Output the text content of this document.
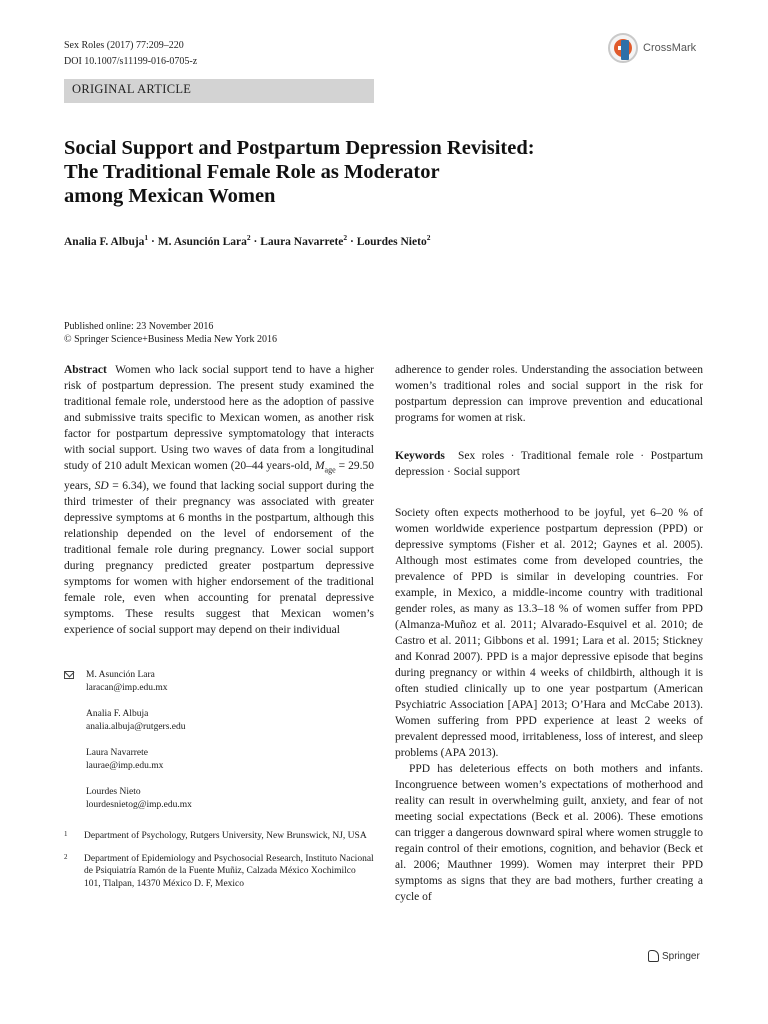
Sex Roles (2017) 77:209–220
DOI 10.1007/s11199-016-0705-z
ORIGINAL ARTICLE
CrossMark
Social Support and Postpartum Depression Revisited:
The Traditional Female Role as Moderator
among Mexican Women
Analia F. Albuja$^1$ · M. Asunción Lara$^2$ · Laura Navarrete$^2$ · Lourdes Nieto$^2$
Published online: 23 November 2016
© Springer Science+Business Media New York 2016

Abstract Women who lack social support tend to have a higher risk of postpartum depression. The present study examined the traditional female role, understood here as the adoption of passive and submissive traits specific to Mexican women, as another risk factor for postpartum depressive symptomatology that interacts with social support. Using two waves of data from a longitudinal study of 210 adult Mexican women (20–44 years-old, $M_{age} = 29.50$ years, SD = 6.34), we found that lacking social support during the third trimester of their pregnancy was associated with greater depressive symptoms at 6 months in the postpartum, although this relationship depended on the level of endorsement of the traditional female role during pregnancy. Lower social support during pregnancy predicted greater postpartum depressive symptoms for women with higher endorsement of the traditional female role, even when accounting for prenatal depressive symptoms. These results suggest that Mexican women’s experience of social support may depend on their individual

M. Asunción Lara
laracan@imp.edu.mx
Analia F. Albuja
analia.albuja@rutgers.edu
Laura Navarrete
laurae@imp.edu.mx
Lourdes Nieto
lourdesnietog@imp.edu.mx
1 Department of Psychology, Rutgers University, New Brunswick, NJ, USA
2 Department of Epidemiology and Psychosocial Research, Instituto Nacional de Psiquiatría Ramón de la Fuente Muñiz, Calzada México Xochimilco 101, Tlalpan, 14370 México D. F, Mexico

adherence to gender roles. Understanding the association between women’s traditional roles and social support in the risk for postpartum depression can improve prevention and educational programs for women at risk.

Keywords Sex roles · Traditional female role · Postpartum depression · Social support

Society often expects motherhood to be joyful, yet 6–20 % of women worldwide experience postpartum depression (PPD) or depressive symptoms (Fisher et al. 2012; Gaynes et al. 2005). Although most estimates come from developed countries, the prevalence of PPD is similar in developing countries. For example, in Mexico, a middle-income country with traditional gender roles, as many as 13.3–18 % of women suffer from PPD (Almanza-Muñoz et al. 2011; Alvarado-Esquivel et al. 2010; de Castro et al. 2011; Gibbons et al. 1991; Lara et al. 2015; Stickney and Konrad 2007). PPD is a major depressive episode that begins during pregnancy or within 4 weeks of childbirth, although it is often studied clinically up to one year postpartum (American Psychiatric Association [APA] 2013; O’Hara and McCabe 2013). Women suffering from PPD experience at least 2 weeks of prevalent depressed mood, irritableness, loss of interest, and sleep problems (APA 2013).

PPD has deleterious effects on both mothers and infants. Incongruence between women’s expectations of motherhood and reality can result in overwhelming guilt, anxiety, and fear of not meeting social expectations (Beck et al. 2006). These emotions can trigger a dangerous downward spiral where women struggle to regain control of their emotions, cognition, and behavior (Beck et al. 2006; Mauthner 1999). Women may interpret their PPD symptoms as signs that they are bad mothers, further creating a cycle of

Springer
